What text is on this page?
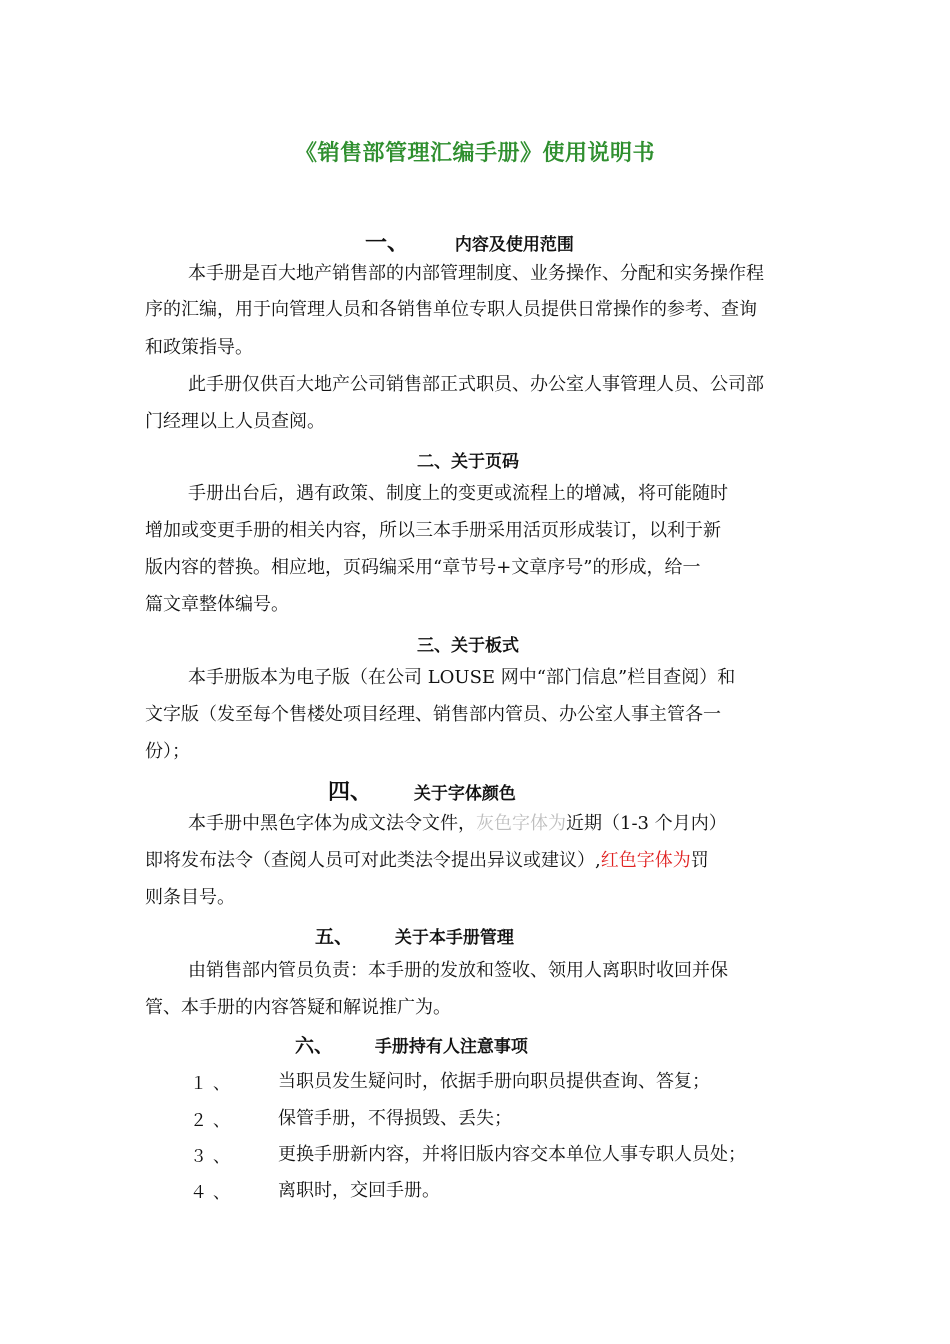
《销售部管理汇编手册》使用说明书
一、	内容及使用范围
本手册是百大地产销售部的内部管理制度、业务操作、分配和实务操作程
序的汇编，用于向管理人员和各销售单位专职人员提供日常操作的参考、查询
和政策指导。
此手册仅供百大地产公司销售部正式职员、办公室人事管理人员、公司部
门经理以上人员查阅。
二、关于页码
手册出台后，遇有政策、制度上的变更或流程上的增减，将可能随时
增加或变更手册的相关内容，所以三本手册采用活页形成装订，以利于新
版内容的替换。相应地，页码编采用“章节号+文章序号”的形成，给一
篇文章整体编号。
三、关于板式
本手册版本为电子版（在公司 LOUSE 网中“部门信息”栏目查阅）和
文字版（发至每个售楼处项目经理、销售部内管员、办公室人事主管各一
份）；
四、 关于字体颜色
本手册中黑色字体为成文法令文件，灰色字体为近期（1-3 个月内）
即将发布法令（查阅人员可对此类法令提出异议或建议）,红色字体为罚
则条目号。
五、 关于本手册管理
由销售部内管员负责：本手册的发放和签收、领用人离职时收回并保
管、本手册的内容答疑和解说推广为。
六、 手册持有人注意事项
１、 当职员发生疑问时，依据手册向职员提供查询、答复；
２、 保管手册，不得损毁、丢失；
３、 更换手册新内容，并将旧版内容交本单位人事专职人员处；
４、 离职时，交回手册。
